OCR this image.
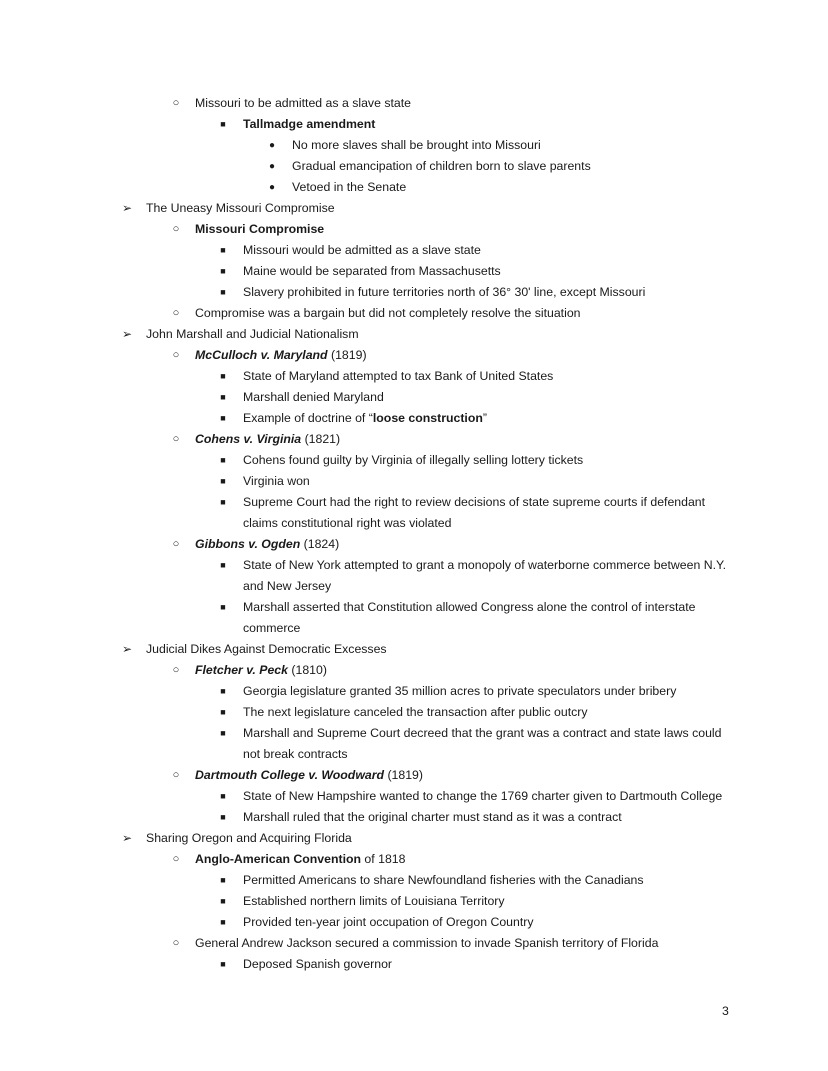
○ Missouri to be admitted as a slave state
■	Tallmadge amendment
●	No more slaves shall be brought into Missouri
●	Gradual emancipation of children born to slave parents
●	Vetoed in the Senate
➢ The Uneasy Missouri Compromise
○ Missouri Compromise
■	Missouri would be admitted as a slave state
■	Maine would be separated from Massachusetts
■	Slavery prohibited in future territories north of 36° 30' line, except Missouri
○ Compromise was a bargain but did not completely resolve the situation
➢ John Marshall and Judicial Nationalism
○ McCulloch v. Maryland (1819)
■	State of Maryland attempted to tax Bank of United States
■	Marshall denied Maryland
■	Example of doctrine of “loose construction”
○ Cohens v. Virginia (1821)
■	Cohens found guilty by Virginia of illegally selling lottery tickets
■	Virginia won
■	Supreme Court had the right to review decisions of state supreme courts if defendant
claims constitutional right was violated
○ Gibbons v. Ogden (1824)
■	State of New York attempted to grant a monopoly of waterborne commerce between N.Y.
and New Jersey
■	Marshall asserted that Constitution allowed Congress alone the control of interstate
commerce
➢ Judicial Dikes Against Democratic Excesses
○ Fletcher v. Peck (1810)
■	Georgia legislature granted 35 million acres to private speculators under bribery
■	The next legislature canceled the transaction after public outcry
■	Marshall and Supreme Court decreed that the grant was a contract and state laws could
not break contracts
○ Dartmouth College v. Woodward (1819)
■	State of New Hampshire wanted to change the 1769 charter given to Dartmouth College
■	Marshall ruled that the original charter must stand as it was a contract
➢ Sharing Oregon and Acquiring Florida
○ Anglo-American Convention of 1818
■	Permitted Americans to share Newfoundland fisheries with the Canadians
■	Established northern limits of Louisiana Territory
■	Provided ten-year joint occupation of Oregon Country
○ General Andrew Jackson secured a commission to invade Spanish territory of Florida
■	Deposed Spanish governor
3
